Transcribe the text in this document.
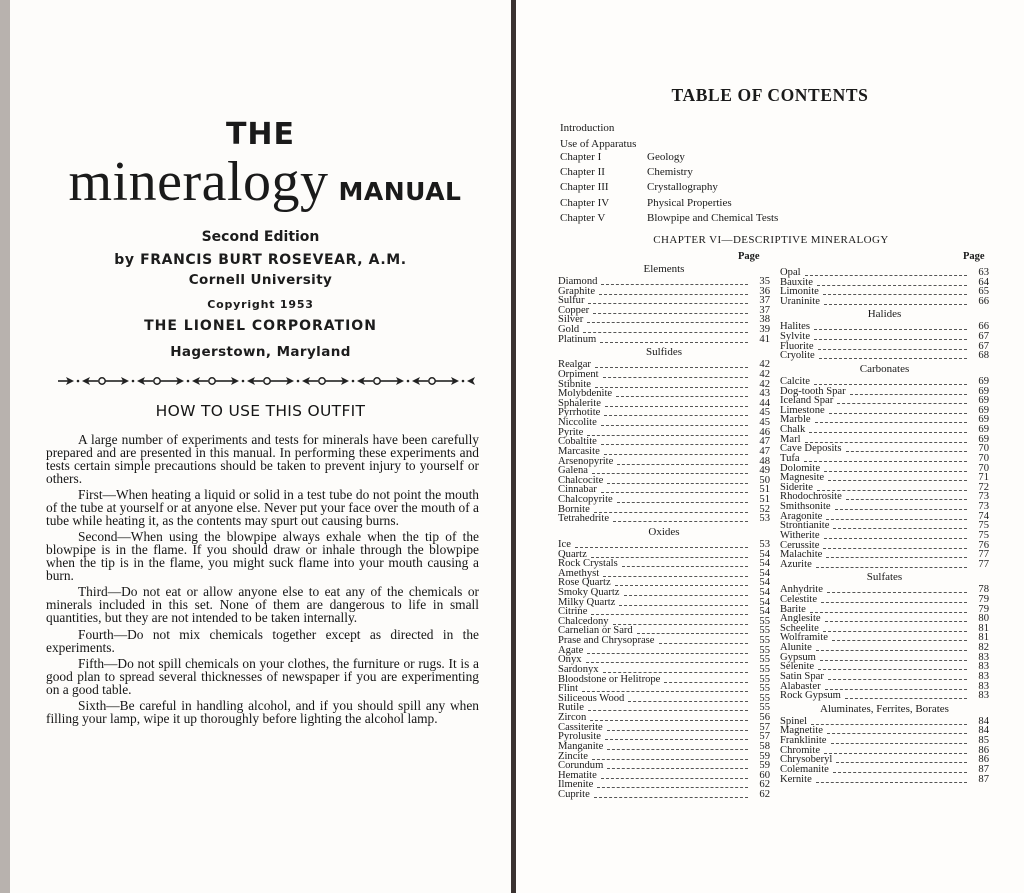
THE
mineralogy MANUAL
Second Edition
by FRANCIS BURT ROSEVEAR, A.M.
Cornell University
Copyright 1953
THE LIONEL CORPORATION
Hagerstown, Maryland
HOW TO USE THIS OUTFIT

A large number of experiments and tests for minerals have been carefully prepared and are presented in this manual. In performing these experiments and tests certain simple precautions should be taken to prevent injury to yourself or others.

First—When heating a liquid or solid in a test tube do not point the mouth of the tube at yourself or at anyone else. Never put your face over the mouth of a tube while heating it, as the contents may spurt out causing burns.

Second—When using the blowpipe always exhale when the tip of the blowpipe is in the flame. If you should draw or inhale through the blowpipe when the tip is in the flame, you might suck flame into your mouth causing a burn.

Third—Do not eat or allow anyone else to eat any of the chemicals or minerals included in this set. None of them are dangerous to life in small quantities, but they are not intended to be taken internally.

Fourth—Do not mix chemicals together except as directed in the experiments.

Fifth—Do not spill chemicals on your clothes, the furniture or rugs. It is a good plan to spread several thicknesses of newspaper if you are experimenting on a good table.

Sixth—Be careful in handling alcohol, and if you should spill any when filling your lamp, wipe it up thoroughly before lighting the alcohol lamp.

TABLE OF CONTENTS
Introduction
Use of Apparatus
Chapter I	Geology
Chapter II	Chemistry
Chapter III	Crystallography
Chapter IV	Physical Properties
Chapter V	Blowpipe and Chemical Tests
CHAPTER VI—DESCRIPTIVE MINERALOGY
Page	Page
Elements
Diamond	35
Graphite	36
Sulfur	37
Copper	37
Silver	38
Gold	39
Platinum	41
Sulfides
Realgar	42
Orpiment	42
Stibnite	42
Molybdenite	43
Sphalerite	44
Pyrrhotite	45
Niccolite	45
Pyrite	46
Cobaltite	47
Marcasite	47
Arsenopyrite	48
Galena	49
Chalcocite	50
Cinnabar	51
Chalcopyrite	51
Bornite	52
Tetrahedrite	53
Oxides
Ice	53
Quartz	54
Rock Crystals	54
Amethyst	54
Rose Quartz	54
Smoky Quartz	54
Milky Quartz	54
Citrine	54
Chalcedony	55
Carnelian or Sard	55
Prase and Chrysoprase	55
Agate	55
Onyx	55
Sardonyx	55
Bloodstone or Helitrope	55
Flint	55
Siliceous Wood	55
Rutile	55
Zircon	56
Cassiterite	57
Pyrolusite	57
Manganite	58
Zincite	59
Corundum	59
Hematite	60
Ilmenite	62
Cuprite	62
Opal	63
Bauxite	64
Limonite	65
Uraninite	66
Halides
Halites	66
Sylvite	67
Fluorite	67
Cryolite	68
Carbonates
Calcite	69
Dog-tooth Spar	69
Iceland Spar	69
Limestone	69
Marble	69
Chalk	69
Marl	69
Cave Deposits	70
Tufa	70
Dolomite	70
Magnesite	71
Siderite	72
Rhodochrosite	73
Smithsonite	73
Aragonite	74
Strontianite	75
Witherite	75
Cerussite	76
Malachite	77
Azurite	77
Sulfates
Anhydrite	78
Celestite	79
Barite	79
Anglesite	80
Scheelite	81
Wolframite	81
Alunite	82
Gypsum	83
Selenite	83
Satin Spar	83
Alabaster	83
Rock Gypsum	83
Aluminates, Ferrites, Borates
Spinel	84
Magnetite	84
Franklinite	85
Chromite	86
Chrysoberyl	86
Colemanite	87
Kernite	87
